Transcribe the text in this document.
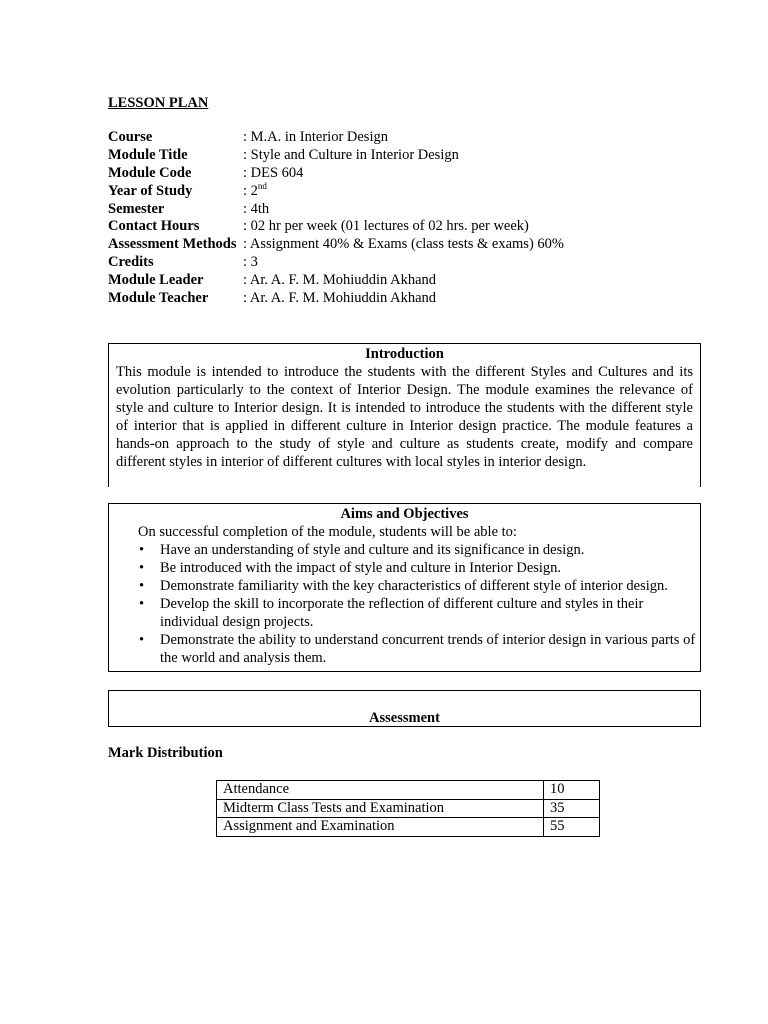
LESSON PLAN
Course	: M.A. in Interior Design
Module Title	: Style and Culture in Interior Design
Module Code	: DES 604
Year of Study	: 2nd
Semester	: 4th
Contact Hours	: 02 hr per week (01 lectures of 02 hrs. per week)
Assessment Methods : Assignment 40% & Exams (class tests & exams) 60%
Credits	: 3
Module Leader	: Ar. A. F. M. Mohiuddin Akhand
Module Teacher	: Ar. A. F. M. Mohiuddin Akhand
Introduction
This module is intended to introduce the students with the different Styles and Cultures and its evolution particularly to the context of Interior Design. The module examines the relevance of style and culture to Interior design. It is intended to introduce the students with the different style of interior that is applied in different culture in Interior design practice. The module features a hands-on approach to the study of style and culture as students create, modify and compare different styles in interior of different cultures with local styles in interior design.
Aims and Objectives
On successful completion of the module, students will be able to:
• Have an understanding of style and culture and its significance in design.
• Be introduced with the impact of style and culture in Interior Design.
• Demonstrate familiarity with the key characteristics of different style of interior design.
• Develop the skill to incorporate the reflection of different culture and styles in their individual design projects.
• Demonstrate the ability to understand concurrent trends of interior design in various parts of the world and analysis them.
Assessment
Mark Distribution
Attendance	10
Midterm Class Tests and Examination	35
Assignment and Examination	55
